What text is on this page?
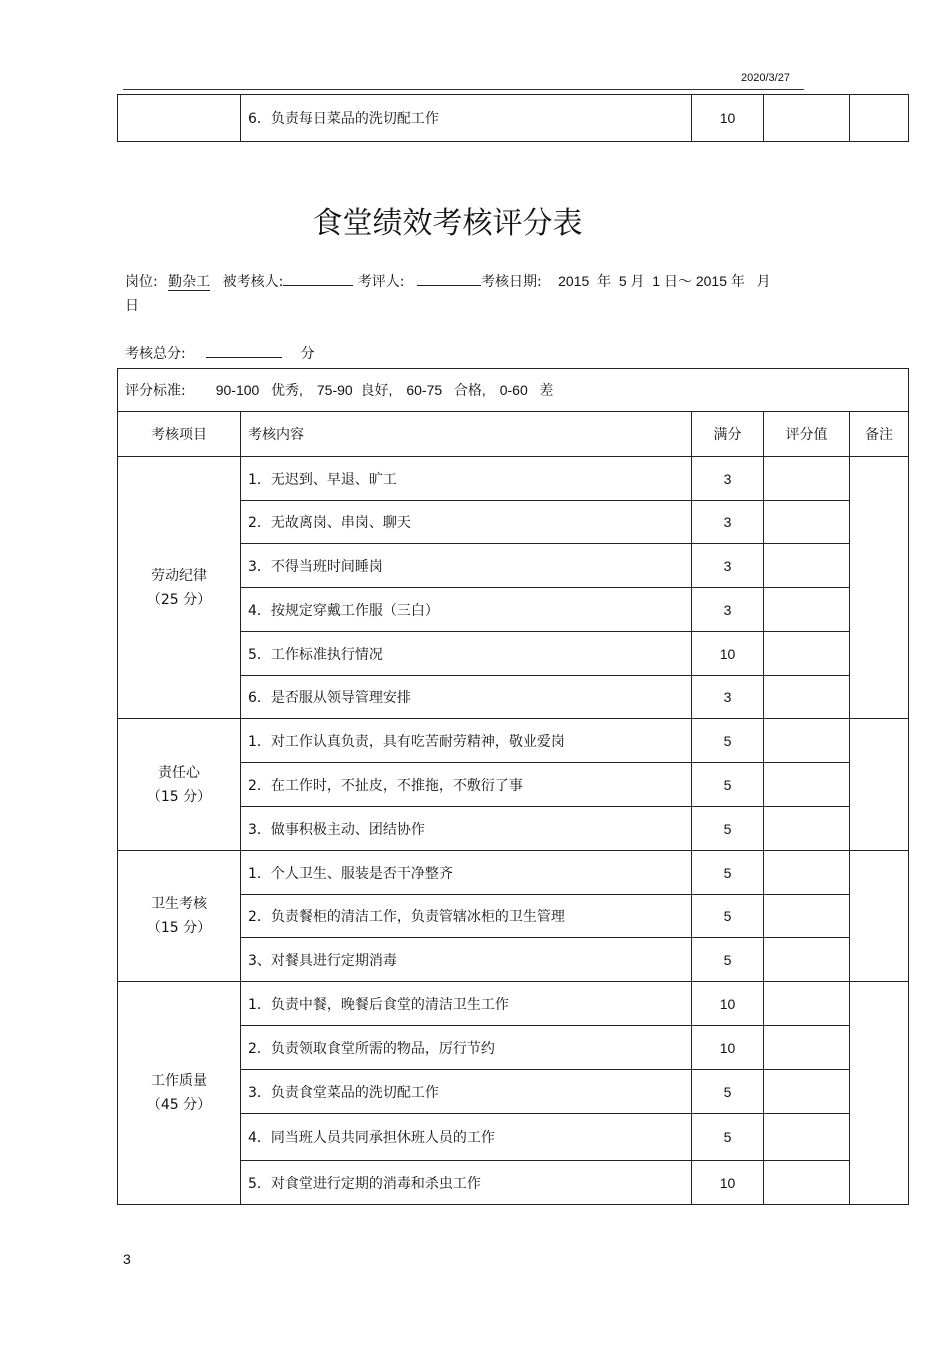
2020/3/27
	6．负责每日菜品的洗切配工作	10		
食堂绩效考核评分表
岗位: 勤杂工 被考核人:	考评人:	考核日期: 2015  年  5 月  1 日～ 2015 年   月
日
考核总分:	分
评分标准: 90-100   优秀, 75-90  良好, 60-75   合格, 0-60   差				
考核项目	考核内容	满分	评分值	备注

劳动纪律
（25 分）	1．无迟到、早退、旷工	3		
	2．无故离岗、串岗、聊天	3		
	3．不得当班时间睡岗	3		
	4．按规定穿戴工作服（三白）	3		
	5．工作标准执行情况	10		
	6．是否服从领导管理安排	3		

责任心
（15 分）	1．对工作认真负责，具有吃苦耐劳精神，敬业爱岗	5		
	2．在工作时，不扯皮，不推拖，不敷衍了事	5		
	3．做事积极主动、团结协作	5		

卫生考核
（15 分）	1．个人卫生、服装是否干净整齐	5		
	2．负责餐柜的清洁工作，负责管辖冰柜的卫生管理	5		
	3、对餐具进行定期消毒	5		

工作质量
（45 分）	1．负责中餐，晚餐后食堂的清洁卫生工作	10		
	2．负责领取食堂所需的物品，厉行节约	10		
	3．负责食堂菜品的洗切配工作	5		
	4．同当班人员共同承担休班人员的工作	5		
	5．对食堂进行定期的消毒和杀虫工作	10		
3
